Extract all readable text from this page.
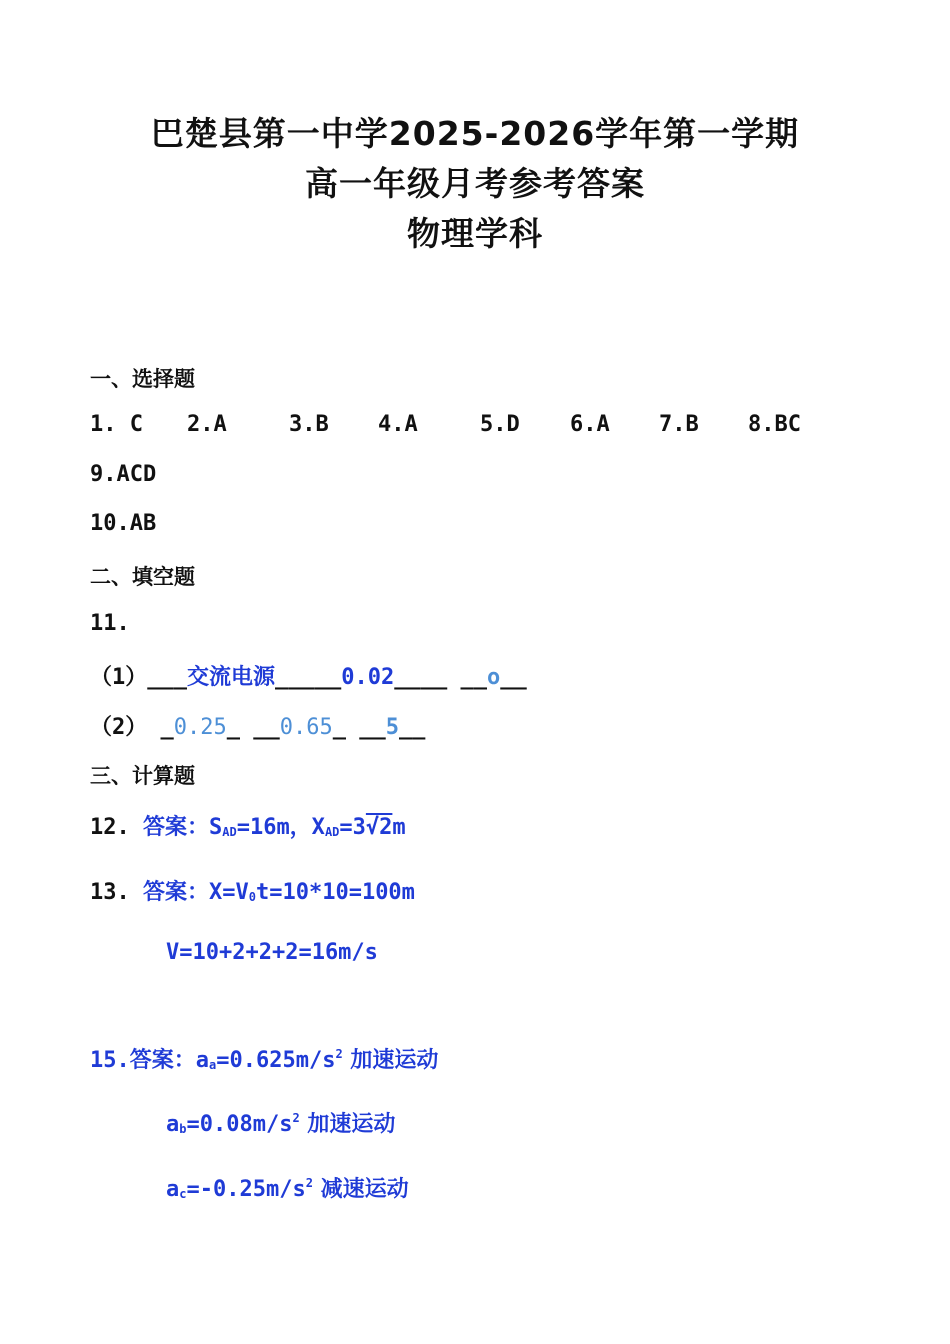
巴楚县第一中学2025-2026学年第一学期
高一年级月考参考答案
物理学科
一、选择题
1. C 2.A	3.B 4.A	5.D 6.A 7.B 8.BC
9.ACD
10.AB
二、填空题
11.
（1）___交流电源_____0.02____ __o__
（2） _0.25_ __0.65_ __5__
三、计算题
12. 答案：$S_{AD}=16m$，$X_{AD}=3√2m$
13. 答案：$X=V_0t=10*10=100m$
V=10+2+2+2=16m/s
15.答案：$a_a=0.625m/s^2$ 加速运动
$a_b=0.08m/s^2$ 加速运动
$a_c=-0.25m/s^2$ 减速运动
